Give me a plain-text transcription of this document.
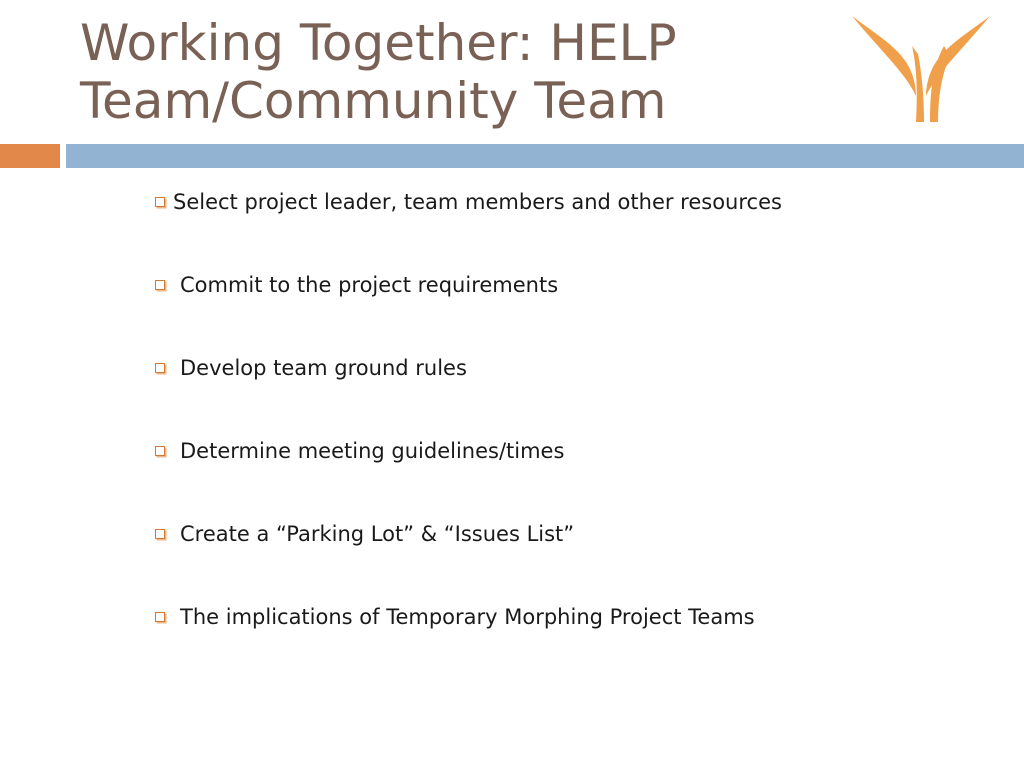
Working Together: HELP Team/Community Team
Select project leader, team members and other resources
Commit to the project requirements
Develop team ground rules
Determine meeting guidelines/times
Create a “Parking Lot” & “Issues List”
The implications of Temporary Morphing Project Teams
